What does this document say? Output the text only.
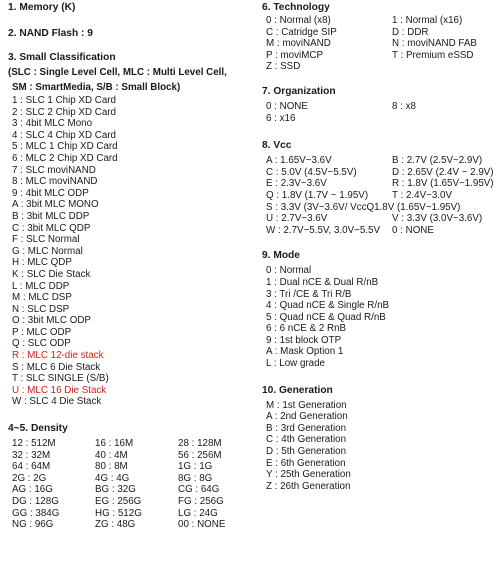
1. Memory (K)
2. NAND Flash : 9
3. Small Classification
(SLC : Single Level Cell, MLC : Multi Level Cell,
SM : SmartMedia, S/B : Small Block)
1 : SLC 1 Chip XD Card
2 : SLC 2 Chip XD Card
3 : 4bit MLC Mono
4 : SLC 4 Chip XD Card
5 : MLC 1 Chip XD Card
6 : MLC 2 Chip XD Card
7 : SLC moviNAND
8 : MLC moviNAND
9 : 4bit MLC ODP
A : 3bit MLC MONO
B : 3bit MLC DDP
C : 3bit MLC QDP
F : SLC Normal
G : MLC Normal
H : MLC QDP
K : SLC Die Stack
L : MLC DDP
M : MLC DSP
N : SLC DSP
O : 3bit MLC ODP
P : MLC ODP
Q : SLC ODP
R : MLC 12-die stack
S : MLC 6 Die Stack
T : SLC SINGLE (S/B)
U : MLC 16 Die Stack
W : SLC 4 Die Stack
4~5. Density
12 : 512M	16 : 16M	28 : 128M
32 : 32M	40 : 4M	56 : 256M
64 : 64M	80 : 8M	1G : 1G
2G : 2G	4G : 4G	8G : 8G
AG : 16G	BG : 32G	CG : 64G
DG : 128G	EG : 256G	FG : 256G
GG : 384G	HG : 512G	LG : 24G
NG : 96G	ZG : 48G	00 : NONE
6. Technology
0 : Normal (x8)	1 : Normal (x16)
C : Catridge SIP	D : DDR
M : moviNAND	N : moviNAND FAB
P : moviMCP	T : Premium eSSD
Z : SSD
7. Organization
0 : NONE	8 : x8
6 : x16
8. Vcc
A : 1.65V~3.6V	B : 2.7V (2.5V~2.9V)
C : 5.0V (4.5V~5.5V)	D : 2.65V (2.4V ~ 2.9V)
E : 2.3V~3.6V	R : 1.8V (1.65V~1.95V)
Q : 1.8V (1.7V ~ 1.95V)	T : 2.4V~3.0V
S : 3.3V (3V~3.6V/ VccQ1.8V (1.65V~1.95V)
U : 2.7V~3.6V	V : 3.3V (3.0V~3.6V)
W : 2.7V~5.5V, 3.0V~5.5V	0 : NONE
9. Mode
0 : Normal
1 : Dual nCE & Dual R/nB
3 : Tri /CE & Tri R/B
4 : Quad nCE & Single R/nB
5 : Quad nCE & Quad R/nB
6 : 6 nCE & 2 RnB
9 : 1st block OTP
A : Mask Option 1
L : Low grade
10. Generation
M : 1st Generation
A : 2nd Generation
B : 3rd Generation
C : 4th Generation
D : 5th Generation
E : 6th Generation
Y : 25th Generation
Z : 26th Generation
